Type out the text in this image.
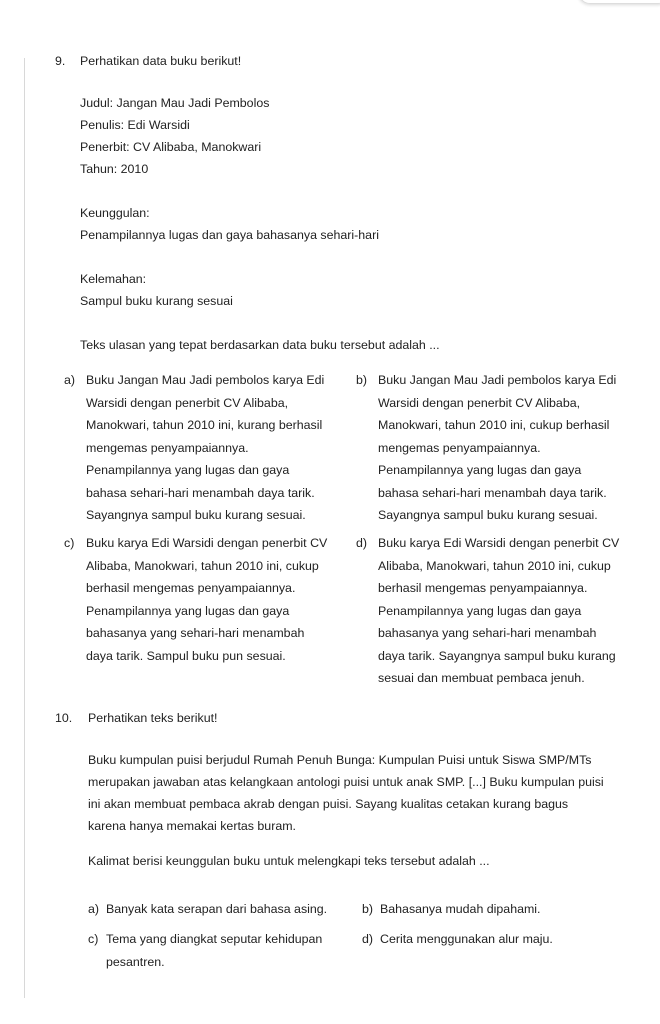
9. Perhatikan data buku berikut!
Judul: Jangan Mau Jadi Pembolos
Penulis: Edi Warsidi
Penerbit: CV Alibaba, Manokwari
Tahun: 2010
Keunggulan:
Penampilannya lugas dan gaya bahasanya sehari-hari
Kelemahan:
Sampul buku kurang sesuai
Teks ulasan yang tepat berdasarkan data buku tersebut adalah ...
a) Buku Jangan Mau Jadi pembolos karya Edi
Warsidi dengan penerbit CV Alibaba,
Manokwari, tahun 2010 ini, kurang berhasil
mengemas penyampaiannya.
Penampilannya yang lugas dan gaya
bahasa sehari-hari menambah daya tarik.
Sayangnya sampul buku kurang sesuai.
b) Buku Jangan Mau Jadi pembolos karya Edi
Warsidi dengan penerbit CV Alibaba,
Manokwari, tahun 2010 ini, cukup berhasil
mengemas penyampaiannya.
Penampilannya yang lugas dan gaya
bahasa sehari-hari menambah daya tarik.
Sayangnya sampul buku kurang sesuai.
c) Buku karya Edi Warsidi dengan penerbit CV
Alibaba, Manokwari, tahun 2010 ini, cukup
berhasil mengemas penyampaiannya.
Penampilannya yang lugas dan gaya
bahasanya yang sehari-hari menambah
daya tarik. Sampul buku pun sesuai.
d) Buku karya Edi Warsidi dengan penerbit CV
Alibaba, Manokwari, tahun 2010 ini, cukup
berhasil mengemas penyampaiannya.
Penampilannya yang lugas dan gaya
bahasanya yang sehari-hari menambah
daya tarik. Sayangnya sampul buku kurang
sesuai dan membuat pembaca jenuh.
10. Perhatikan teks berikut!
Buku kumpulan puisi berjudul Rumah Penuh Bunga: Kumpulan Puisi untuk Siswa SMP/MTs
merupakan jawaban atas kelangkaan antologi puisi untuk anak SMP. [...] Buku kumpulan puisi
ini akan membuat pembaca akrab dengan puisi. Sayang kualitas cetakan kurang bagus
karena hanya memakai kertas buram.
Kalimat berisi keunggulan buku untuk melengkapi teks tersebut adalah ...
a) Banyak kata serapan dari bahasa asing.	b) Bahasanya mudah dipahami.
c) Tema yang diangkat seputar kehidupan
pesantren.
d) Cerita menggunakan alur maju.
